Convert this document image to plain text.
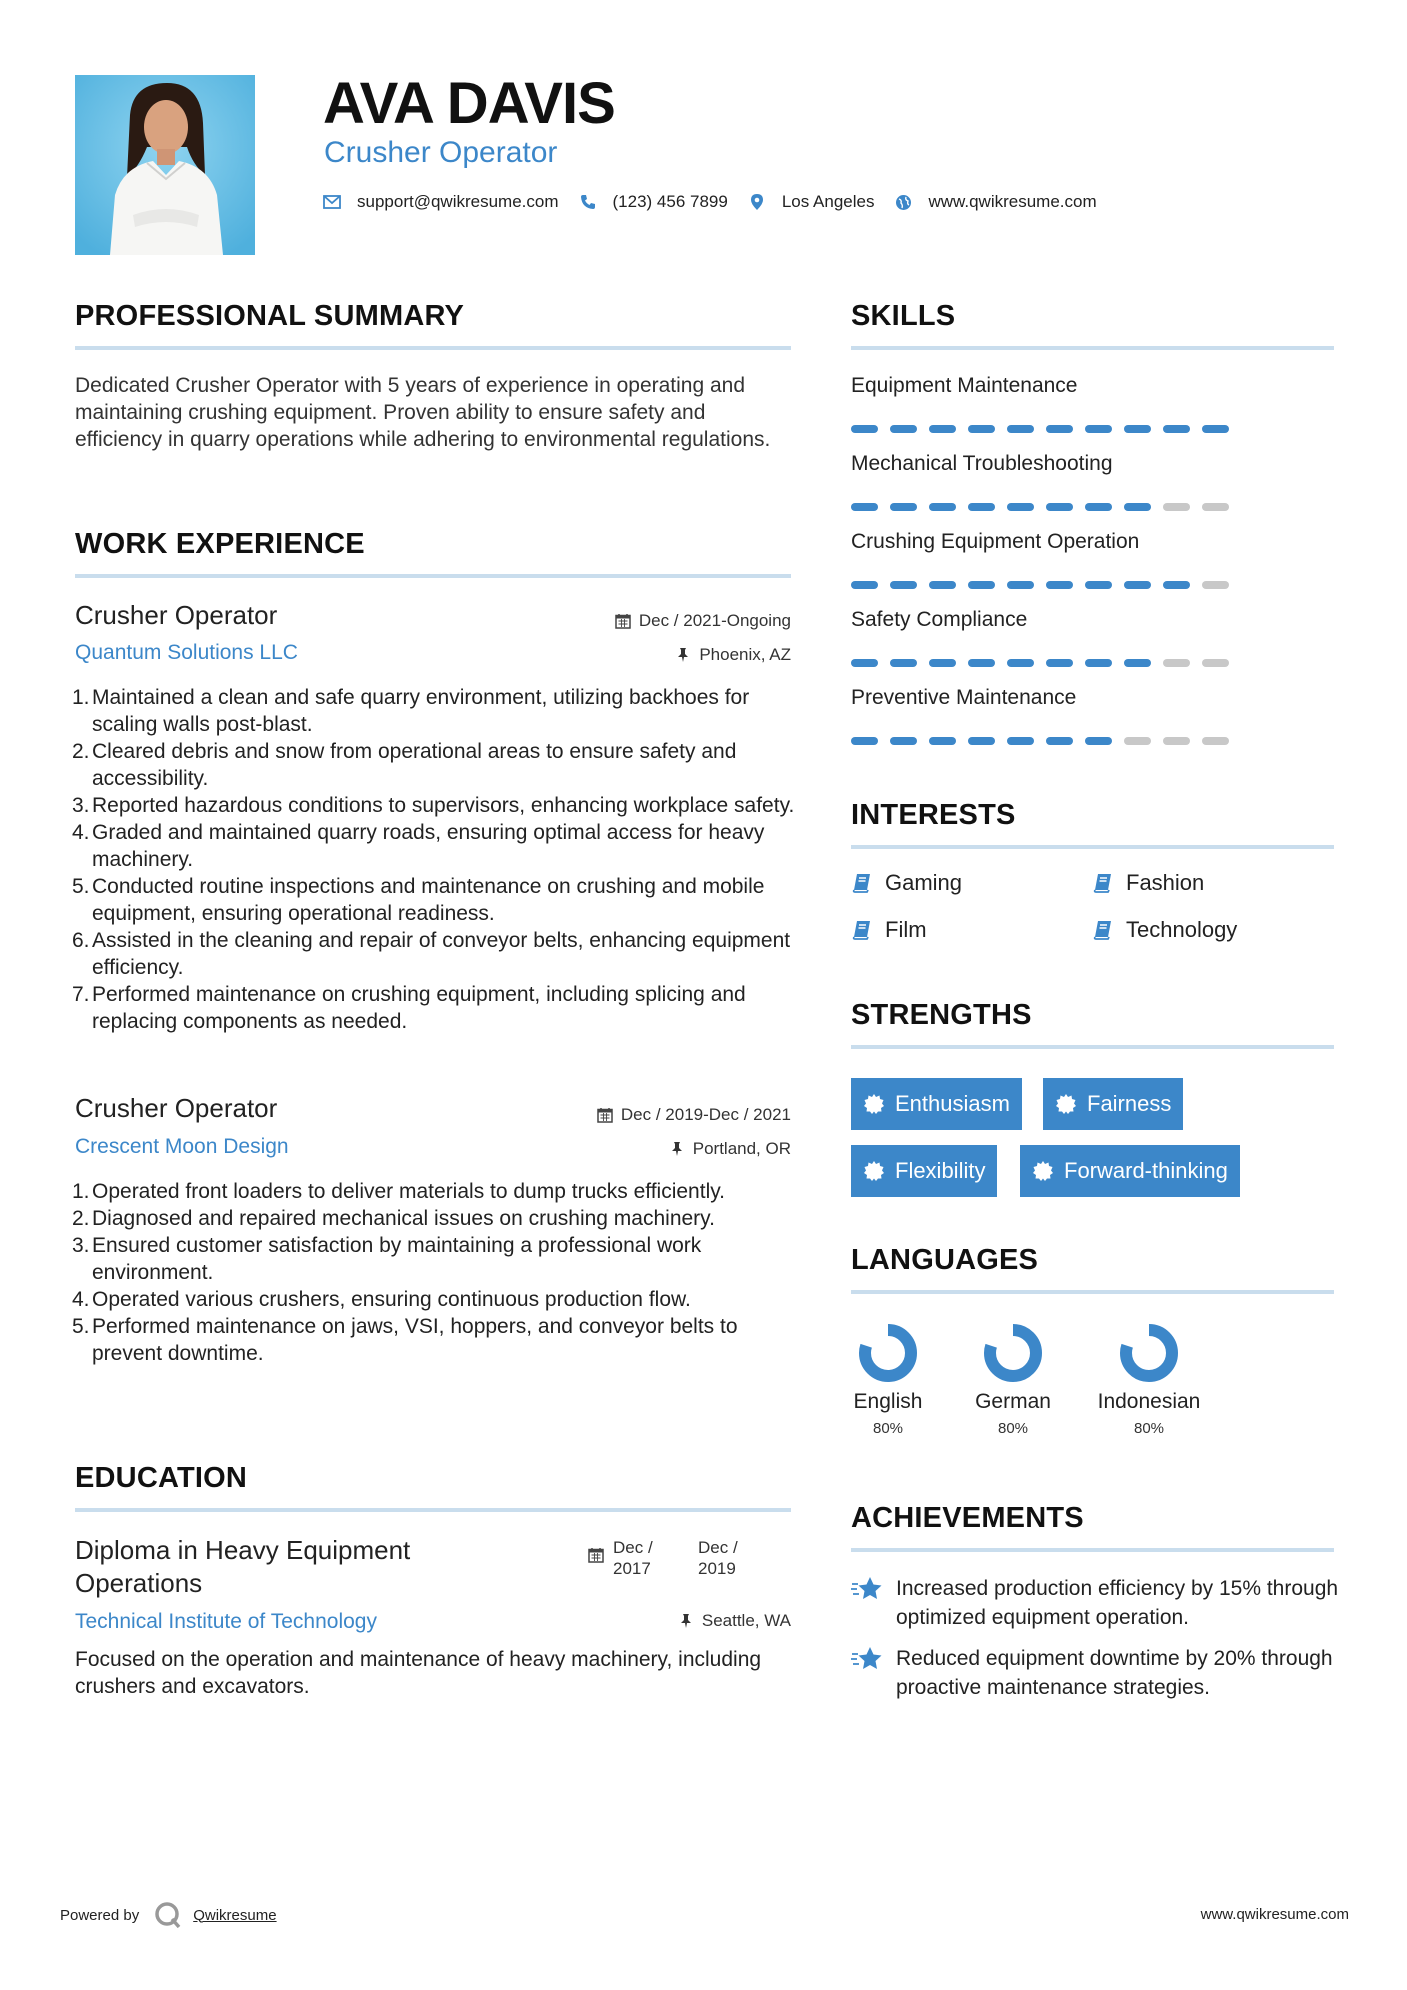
AVA DAVIS
Crusher Operator
support@qwikresume.com	(123) 456 7899	Los Angeles	www.qwikresume.com
PROFESSIONAL SUMMARY
Dedicated Crusher Operator with 5 years of experience in operating and maintaining crushing equipment. Proven ability to ensure safety and efficiency in quarry operations while adhering to environmental regulations.
WORK EXPERIENCE
Crusher Operator	Dec / 2021-Ongoing
Quantum Solutions LLC	Phoenix, AZ
1. Maintained a clean and safe quarry environment, utilizing backhoes for scaling walls post-blast.
2. Cleared debris and snow from operational areas to ensure safety and accessibility.
3. Reported hazardous conditions to supervisors, enhancing workplace safety.
4. Graded and maintained quarry roads, ensuring optimal access for heavy machinery.
5. Conducted routine inspections and maintenance on crushing and mobile equipment, ensuring operational readiness.
6. Assisted in the cleaning and repair of conveyor belts, enhancing equipment efficiency.
7. Performed maintenance on crushing equipment, including splicing and replacing components as needed.
Crusher Operator	Dec / 2019-Dec / 2021
Crescent Moon Design	Portland, OR
1. Operated front loaders to deliver materials to dump trucks efficiently.
2. Diagnosed and repaired mechanical issues on crushing machinery.
3. Ensured customer satisfaction by maintaining a professional work environment.
4. Operated various crushers, ensuring continuous production flow.
5. Performed maintenance on jaws, VSI, hoppers, and conveyor belts to prevent downtime.
EDUCATION
Diploma in Heavy Equipment Operations
Dec / 2017
Dec / 2019
Technical Institute of Technology	Seattle, WA
Focused on the operation and maintenance of heavy machinery, including crushers and excavators.
SKILLS
Equipment Maintenance
Mechanical Troubleshooting
Crushing Equipment Operation
Safety Compliance
Preventive Maintenance
INTERESTS
Gaming	Fashion
Film	Technology
STRENGTHS
Enthusiasm	Fairness
Flexibility	Forward-thinking
LANGUAGES
English
80%
German
80%
Indonesian
80%
ACHIEVEMENTS
Increased production efficiency by 15% through optimized equipment operation.
Reduced equipment downtime by 20% through proactive maintenance strategies.
Powered by	Qwikresume	www.qwikresume.com
